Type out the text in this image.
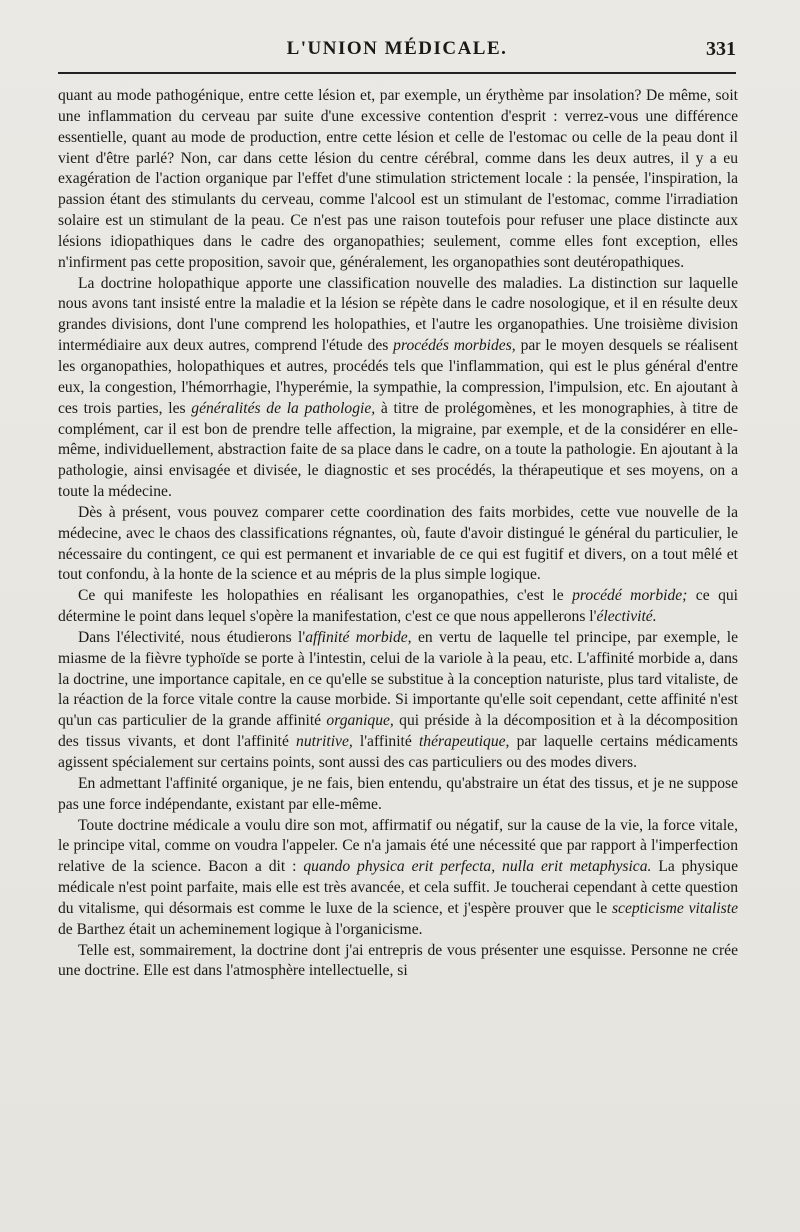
L'UNION MÉDICALE.	331

quant au mode pathogénique, entre cette lésion et, par exemple, un érythème par insolation? De même, soit une inflammation du cerveau par suite d'une excessive contention d'esprit : verrez-vous une différence essentielle, quant au mode de production, entre cette lésion et celle de l'estomac ou celle de la peau dont il vient d'être parlé? Non, car dans cette lésion du centre cérébral, comme dans les deux autres, il y a eu exagération de l'action organique par l'effet d'une stimulation strictement locale : la pensée, l'inspiration, la passion étant des stimulants du cerveau, comme l'alcool est un stimulant de l'estomac, comme l'irradiation solaire est un stimulant de la peau. Ce n'est pas une raison toutefois pour refuser une place distincte aux lésions idiopathiques dans le cadre des organopathies; seulement, comme elles font exception, elles n'infirment pas cette proposition, savoir que, généralement, les organopathies sont deutéropathiques.

La doctrine holopathique apporte une classification nouvelle des maladies. La distinction sur laquelle nous avons tant insisté entre la maladie et la lésion se répète dans le cadre nosologique, et il en résulte deux grandes divisions, dont l'une comprend les holopathies, et l'autre les organopathies. Une troisième division intermédiaire aux deux autres, comprend l'étude des procédés morbides, par le moyen desquels se réalisent les organopathies, holopathiques et autres, procédés tels que l'inflammation, qui est le plus général d'entre eux, la congestion, l'hémorrhagie, l'hyperémie, la sympathie, la compression, l'impulsion, etc. En ajoutant à ces trois parties, les généralités de la pathologie, à titre de prolégomènes, et les monographies, à titre de complément, car il est bon de prendre telle affection, la migraine, par exemple, et de la considérer en elle-même, individuellement, abstraction faite de sa place dans le cadre, on a toute la pathologie. En ajoutant à la pathologie, ainsi envisagée et divisée, le diagnostic et ses procédés, la thérapeutique et ses moyens, on a toute la médecine.

Dès à présent, vous pouvez comparer cette coordination des faits morbides, cette vue nouvelle de la médecine, avec le chaos des classifications régnantes, où, faute d'avoir distingué le général du particulier, le nécessaire du contingent, ce qui est permanent et invariable de ce qui est fugitif et divers, on a tout mêlé et tout confondu, à la honte de la science et au mépris de la plus simple logique.

Ce qui manifeste les holopathies en réalisant les organopathies, c'est le procédé morbide; ce qui détermine le point dans lequel s'opère la manifestation, c'est ce que nous appellerons l'électivité.

Dans l'électivité, nous étudierons l'affinité morbide, en vertu de laquelle tel principe, par exemple, le miasme de la fièvre typhoïde se porte à l'intestin, celui de la variole à la peau, etc. L'affinité morbide a, dans la doctrine, une importance capitale, en ce qu'elle se substitue à la conception naturiste, plus tard vitaliste, de la réaction de la force vitale contre la cause morbide. Si importante qu'elle soit cependant, cette affinité n'est qu'un cas particulier de la grande affinité organique, qui préside à la décomposition et à la décomposition des tissus vivants, et dont l'affinité nutritive, l'affinité thérapeutique, par laquelle certains médicaments agissent spécialement sur certains points, sont aussi des cas particuliers ou des modes divers.

En admettant l'affinité organique, je ne fais, bien entendu, qu'abstraire un état des tissus, et je ne suppose pas une force indépendante, existant par elle-même.

Toute doctrine médicale a voulu dire son mot, affirmatif ou négatif, sur la cause de la vie, la force vitale, le principe vital, comme on voudra l'appeler. Ce n'a jamais été une nécessité que par rapport à l'imperfection relative de la science. Bacon a dit : quando physica erit perfecta, nulla erit metaphysica. La physique médicale n'est point parfaite, mais elle est très avancée, et cela suffit. Je toucherai cependant à cette question du vitalisme, qui désormais est comme le luxe de la science, et j'espère prouver que le scepticisme vitaliste de Barthez était un acheminement logique à l'organicisme.

Telle est, sommairement, la doctrine dont j'ai entrepris de vous présenter une esquisse. Personne ne crée une doctrine. Elle est dans l'atmosphère intellectuelle, si
